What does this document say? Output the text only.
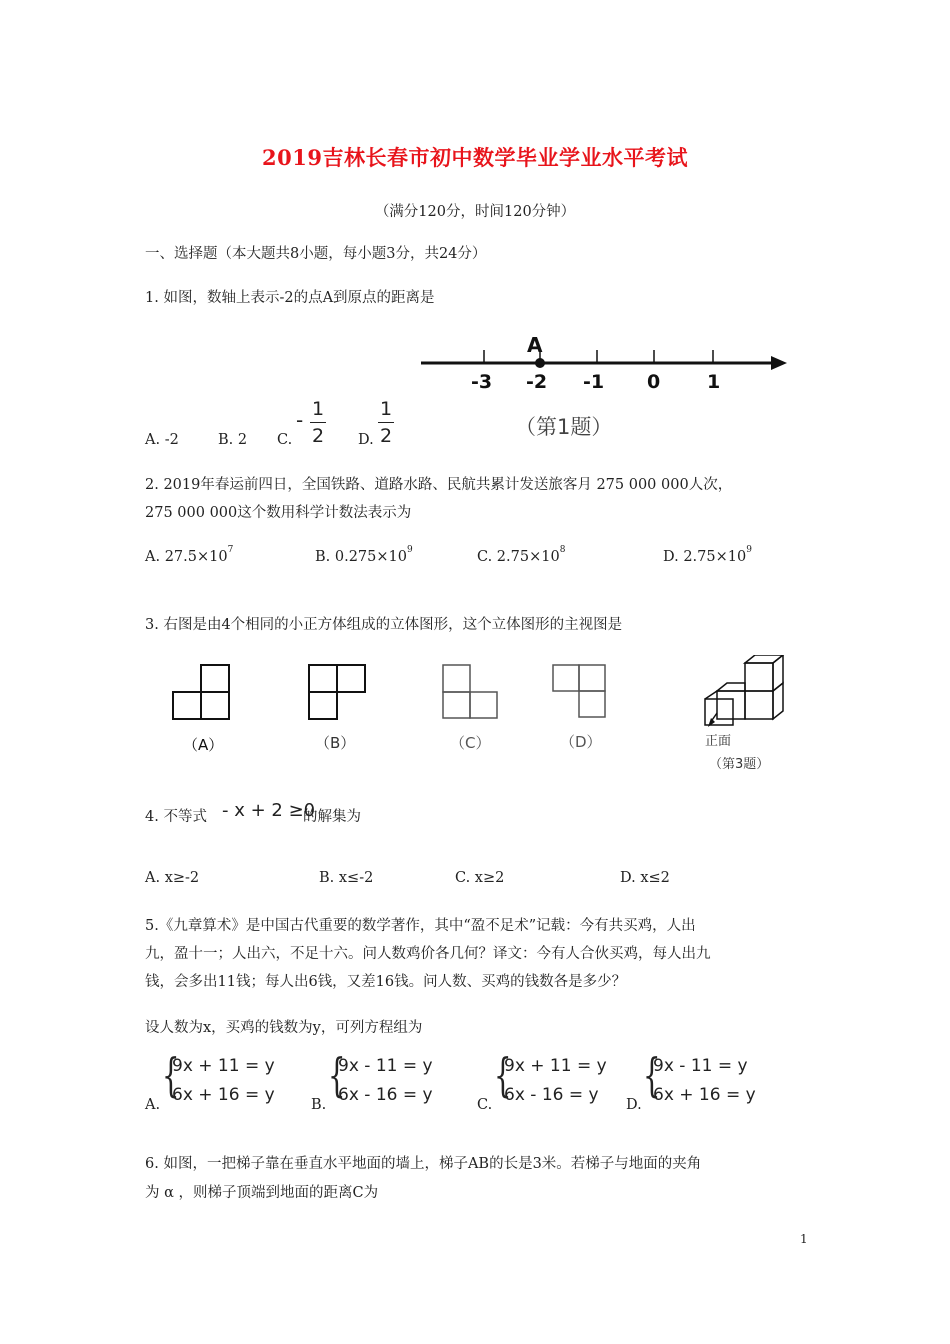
2019吉林长春市初中数学毕业学业水平考试
（满分120分，时间120分钟）
一、选择题（本大题共8小题，每小题3分，共24分）
1. 如图，数轴上表示-2的点A到原点的距离是
A
-3 -2 -1 0 1
（第1题）
A. -2	B. 2 C.
- 1
2 D.
1
2
2. 2019年春运前四日，全国铁路、道路水路、民航共累计发送旅客月 275 000 000人次，
275 000 000这个数用科学计数法表示为
A. $27.5\times 10^7$	B. $0.275\times 10^9$	C. $2.75\times 10^8$	D. $2.75\times 10^9$
3. 右图是由4个相同的小正方体组成的立体图形，这个立体图形的主视图是
（A）	（B）	（C）	（D）	正面
（第3题）
4. 不等式 - x + 2 ≥0
的解集为
A. x≥-2	B. x≤-2	C. x≥2	D. x≤2
5.《九章算术》是中国古代重要的数学著作，其中“盈不足术”记载：今有共买鸡，人出
九，盈十一；人出六，不足十六。问人数鸡价各几何？译文：今有人合伙买鸡，每人出九
钱，会多出11钱；每人出6钱，又差16钱。问人数、买鸡的钱数各是多少？
设人数为x，买鸡的钱数为y，可列方程组为
A.
{
9x + 11 = y
6x + 16 = y	B.
{
9x - 11 = y
6x - 16 = y	C.
{
9x + 11 = y
6x - 16 = y D.
{
9x - 11 = y
6x + 16 = y
6. 如图，一把梯子靠在垂直水平地面的墙上，梯子AB的长是3米。若梯子与地面的夹角
为 α ，则梯子顶端到地面的距离C为
1
